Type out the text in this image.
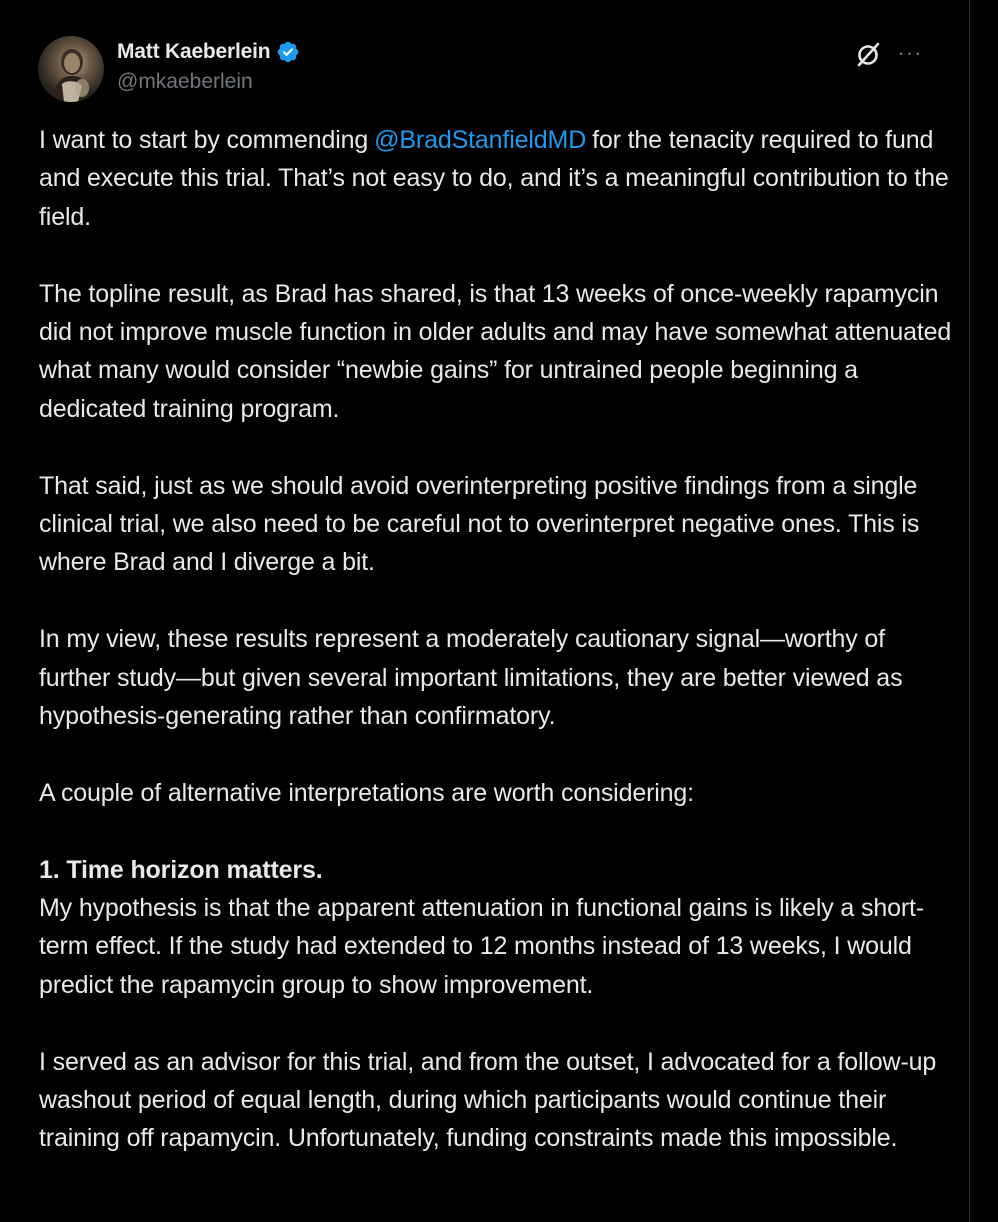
Matt Kaeberlein
@mkaeberlein
···

I want to start by commending @BradStanfieldMD for the tenacity required to fund and execute this trial. That’s not easy to do, and it’s a meaningful contribution to the field.

The topline result, as Brad has shared, is that 13 weeks of once-weekly rapamycin did not improve muscle function in older adults and may have somewhat attenuated what many would consider “newbie gains” for untrained people beginning a dedicated training program.

That said, just as we should avoid overinterpreting positive findings from a single clinical trial, we also need to be careful not to overinterpret negative ones. This is where Brad and I diverge a bit.

In my view, these results represent a moderately cautionary signal—worthy of further study—but given several important limitations, they are better viewed as hypothesis-generating rather than confirmatory.

A couple of alternative interpretations are worth considering:

1. Time horizon matters.
My hypothesis is that the apparent attenuation in functional gains is likely a short-term effect. If the study had extended to 12 months instead of 13 weeks, I would predict the rapamycin group to show improvement.

I served as an advisor for this trial, and from the outset, I advocated for a follow-up washout period of equal length, during which participants would continue their training off rapamycin. Unfortunately, funding constraints made this impossible.
